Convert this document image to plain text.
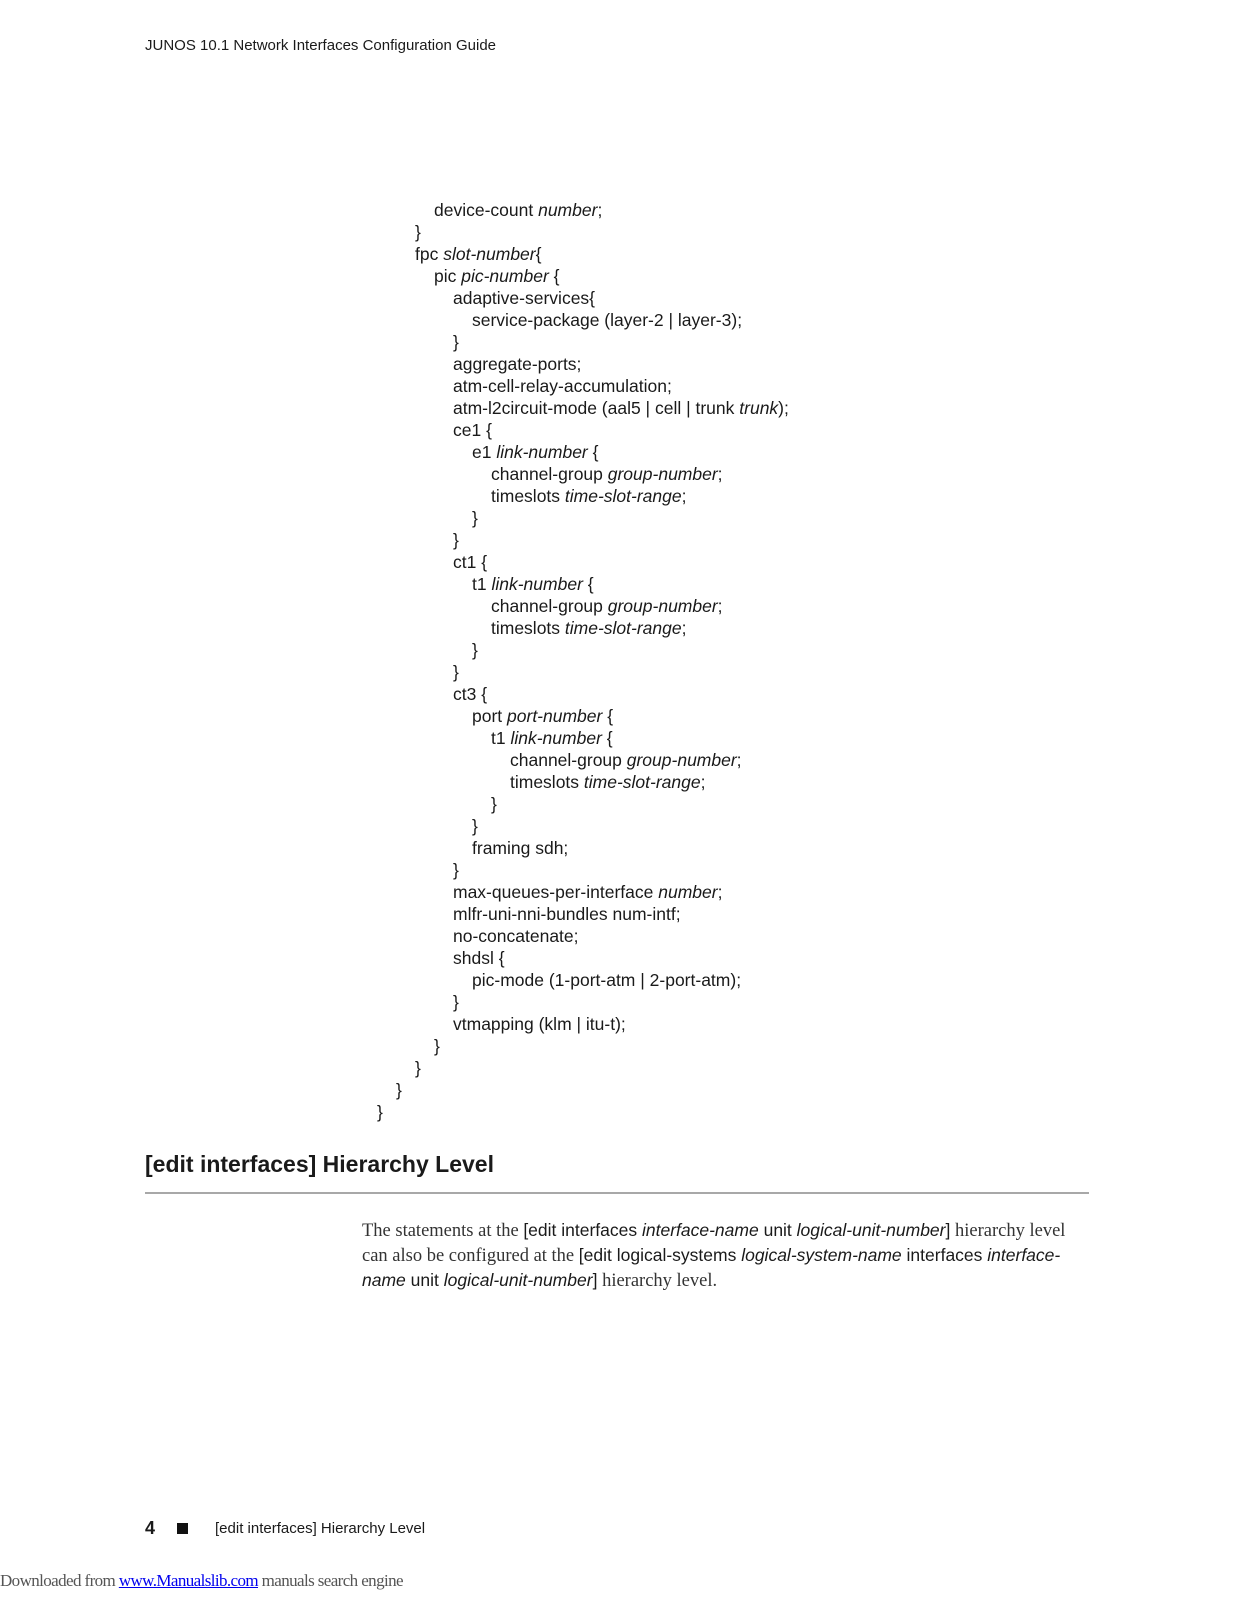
JUNOS 10.1 Network Interfaces Configuration Guide
device-count number;
}
fpc slot-number{
pic pic-number {
adaptive-services{
service-package (layer-2 | layer-3);
}
aggregate-ports;
atm-cell-relay-accumulation;
atm-l2circuit-mode (aal5 | cell | trunk trunk);
ce1 {
e1 link-number {
channel-group group-number;
timeslots time-slot-range;
}
}
ct1 {
t1 link-number {
channel-group group-number;
timeslots time-slot-range;
}
}
ct3 {
port port-number {
t1 link-number {
channel-group group-number;
timeslots time-slot-range;
}
}
framing sdh;
}
max-queues-per-interface number;
mlfr-uni-nni-bundles num-intf;
no-concatenate;
shdsl {
pic-mode (1-port-atm | 2-port-atm);
}
vtmapping (klm | itu-t);
}
}
}
}
[edit interfaces] Hierarchy Level
The statements at the [edit interfaces interface-name unit logical-unit-number] hierarchy level can also be configured at the [edit logical-systems logical-system-name interfaces interface-name unit logical-unit-number] hierarchy level.
4	[edit interfaces] Hierarchy Level
Downloaded from www.Manualslib.com manuals search engine
